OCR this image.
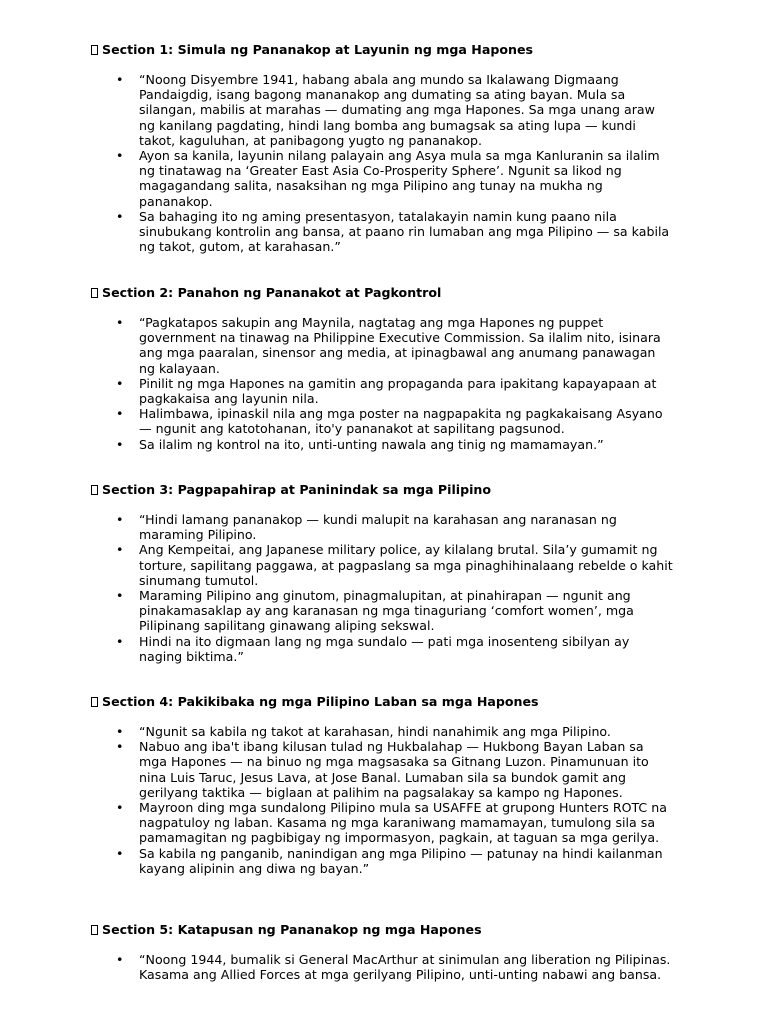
Section 1: Simula ng Pananakop at Layunin ng mga Hapones
• “Noong Disyembre 1941, habang abala ang mundo sa Ikalawang Digmaang Pandaigdig, isang bagong mananakop ang dumating sa ating bayan. Mula sa silangan, mabilis at marahas — dumating ang mga Hapones. Sa mga unang araw ng kanilang pagdating, hindi lang bomba ang bumagsak sa ating lupa — kundi takot, kaguluhan, at panibagong yugto ng pananakop.
• Ayon sa kanila, layunin nilang palayain ang Asya mula sa mga Kanluranin sa ilalim ng tinatawag na ‘Greater East Asia Co-Prosperity Sphere’. Ngunit sa likod ng magagandang salita, nasaksihan ng mga Pilipino ang tunay na mukha ng pananakop.
• Sa bahaging ito ng aming presentasyon, tatalakayin namin kung paano nila sinubukang kontrolin ang bansa, at paano rin lumaban ang mga Pilipino — sa kabila ng takot, gutom, at karahasan.”
Section 2: Panahon ng Pananakot at Pagkontrol
• “Pagkatapos sakupin ang Maynila, nagtatag ang mga Hapones ng puppet government na tinawag na Philippine Executive Commission. Sa ilalim nito, isinara ang mga paaralan, sinensor ang media, at ipinagbawal ang anumang panawagan ng kalayaan.
• Pinilit ng mga Hapones na gamitin ang propaganda para ipakitang kapayapaan at pagkakaisa ang layunin nila.
• Halimbawa, ipinaskil nila ang mga poster na nagpapakita ng pagkakaisang Asyano — ngunit ang katotohanan, ito'y pananakot at sapilitang pagsunod.
• Sa ilalim ng kontrol na ito, unti-unting nawala ang tinig ng mamamayan.”
Section 3: Pagpapahirap at Paninindak sa mga Pilipino
• “Hindi lamang pananakop — kundi malupit na karahasan ang naranasan ng maraming Pilipino.
• Ang Kempeitai, ang Japanese military police, ay kilalang brutal. Sila’y gumamit ng torture, sapilitang paggawa, at pagpaslang sa mga pinaghihinalaang rebelde o kahit sinumang tumutol.
• Maraming Pilipino ang ginutom, pinagmalupitan, at pinahirapan — ngunit ang pinakamasaklap ay ang karanasan ng mga tinaguriang ‘comfort women’, mga Pilipinang sapilitang ginawang aliping sekswal.
• Hindi na ito digmaan lang ng mga sundalo — pati mga inosenteng sibilyan ay naging biktima.”
Section 4: Pakikibaka ng mga Pilipino Laban sa mga Hapones
• “Ngunit sa kabila ng takot at karahasan, hindi nanahimik ang mga Pilipino.
• Nabuo ang iba't ibang kilusan tulad ng Hukbalahap — Hukbong Bayan Laban sa mga Hapones — na binuo ng mga magsasaka sa Gitnang Luzon. Pinamunuan ito nina Luis Taruc, Jesus Lava, at Jose Banal. Lumaban sila sa bundok gamit ang gerilyang taktika — biglaan at palihim na pagsalakay sa kampo ng Hapones.
• Mayroon ding mga sundalong Pilipino mula sa USAFFE at grupong Hunters ROTC na nagpatuloy ng laban. Kasama ng mga karaniwang mamamayan, tumulong sila sa pamamagitan ng pagbibigay ng impormasyon, pagkain, at taguan sa mga gerilya.
• Sa kabila ng panganib, nanindigan ang mga Pilipino — patunay na hindi kailanman kayang alipinin ang diwa ng bayan.”
Section 5: Katapusan ng Pananakop ng mga Hapones
• “Noong 1944, bumalik si General MacArthur at sinimulan ang liberation ng Pilipinas. Kasama ang Allied Forces at mga gerilyang Pilipino, unti-unting nabawi ang bansa.
